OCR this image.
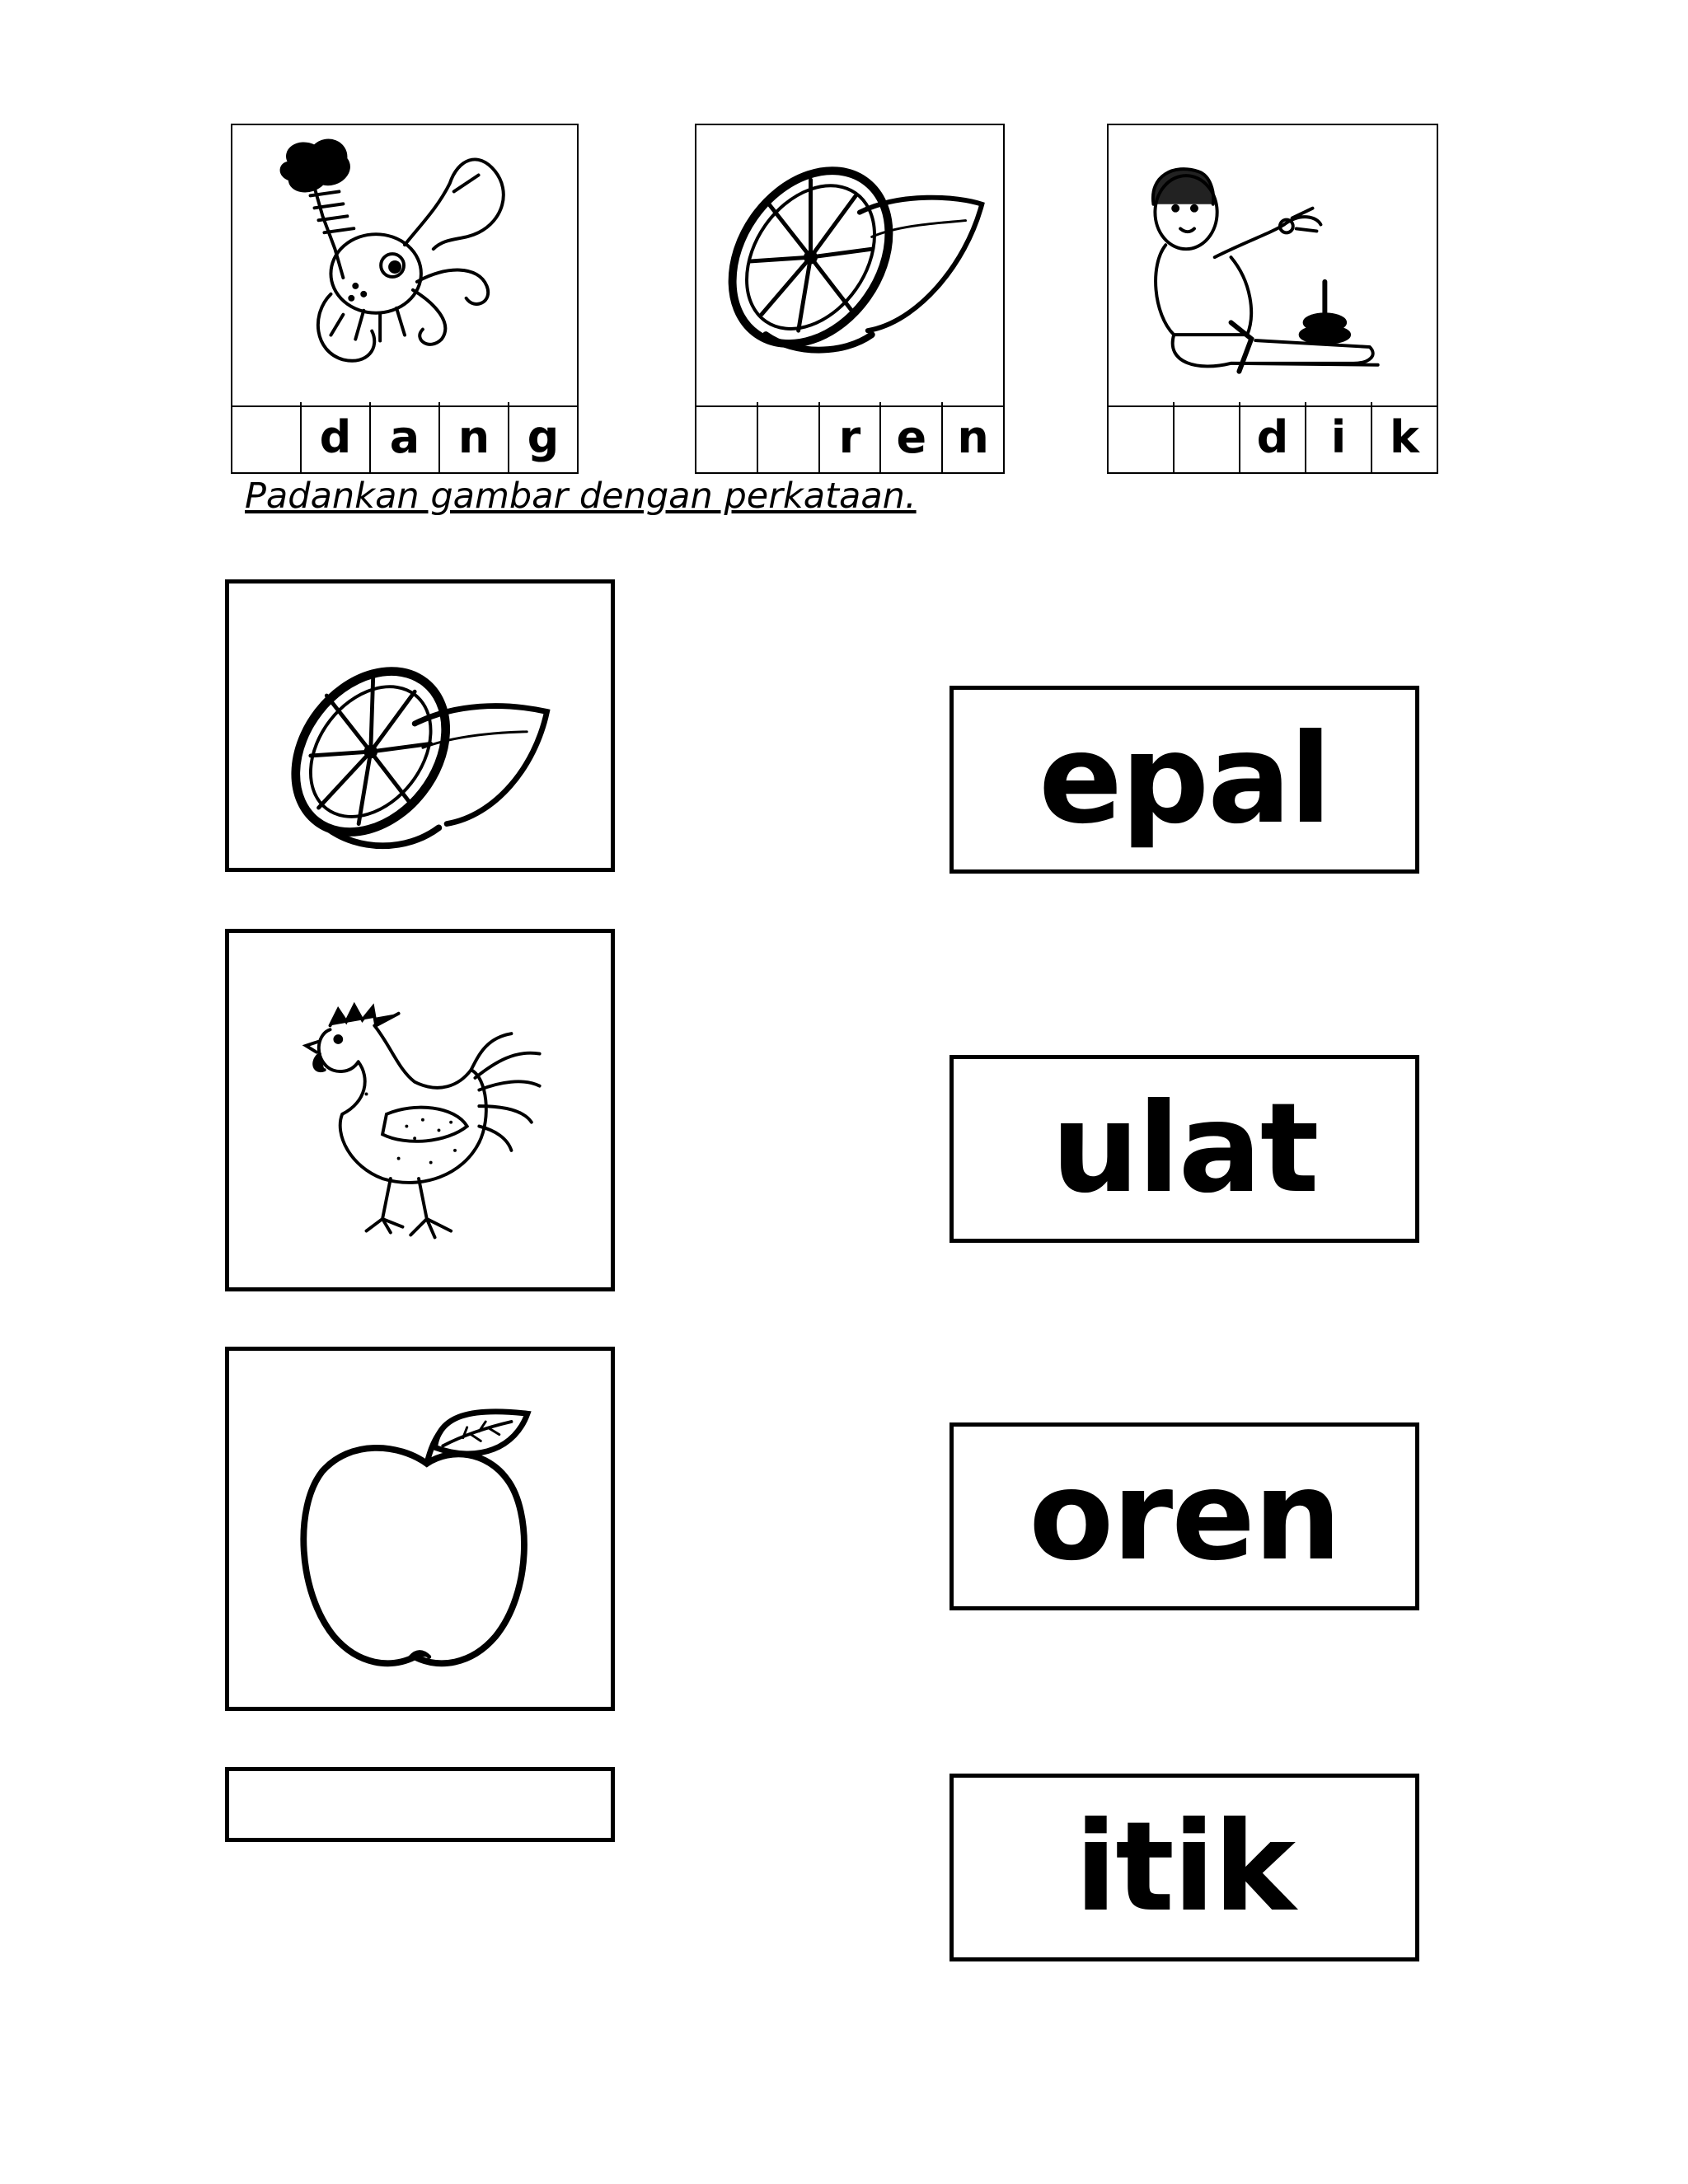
d a n g	r e n	d i k
Padankan gambar dengan perkataan.
epal
ulat
oren
itik
